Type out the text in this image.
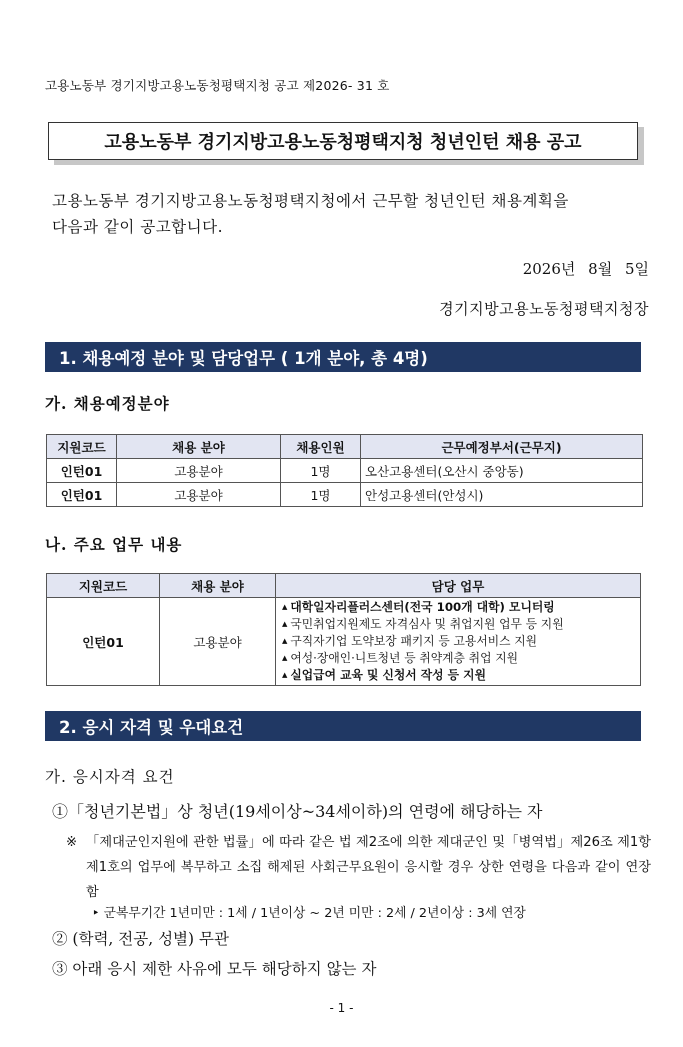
고용노동부 경기지방고용노동청평택지청 공고 제2026- 31 호
고용노동부 경기지방고용노동청평택지청 청년인턴 채용 공고
고용노동부 경기지방고용노동청평택지청에서 근무할 청년인턴 채용계획을
다음과 같이 공고합니다.
2026년 8월 5일
경기지방고용노동청평택지청장
1. 채용예정 분야 및 담당업무 ( 1개 분야, 총 4명)
가. 채용예정분야
지원코드	채용 분야	채용인원	근무예정부서(근무지)
인턴01	고용분야	1명	오산고용센터(오산시 중앙동)
인턴01	고용분야	1명	안성고용센터(안성시)
나. 주요 업무 내용
지원코드	채용 분야	담당 업무
인턴01	고용분야	▲ 대학일자리플러스센터(전국 100개 대학) 모니터링
▲ 국민취업지원제도 자격심사 및 취업지원 업무 등 지원
▲ 구직자기업 도약보장 패키지 등 고용서비스 지원
▲ 여성·장애인·니트청년 등 취약계층 취업 지원
▲ 실업급여 교육 및 신청서 작성 등 지원
2. 응시 자격 및 우대요건
가. 응시자격 요건
①「청년기본법」상 청년(19세이상~34세이하)의 연령에 해당하는 자
※ 「제대군인지원에 관한 법률」에 따라 같은 법 제2조에 의한 제대군인 및「병역법」제26조 제1항 제1호의 업무에 복무하고 소집 해제된 사회근무요원이 응시할 경우 상한 연령을 다음과 같이 연장함
‣ 군복무기간 1년미만 : 1세 / 1년이상 ~ 2년 미만 : 2세 / 2년이상 : 3세 연장
② (학력, 전공, 성별) 무관
③ 아래 응시 제한 사유에 모두 해당하지 않는 자
- 1 -
